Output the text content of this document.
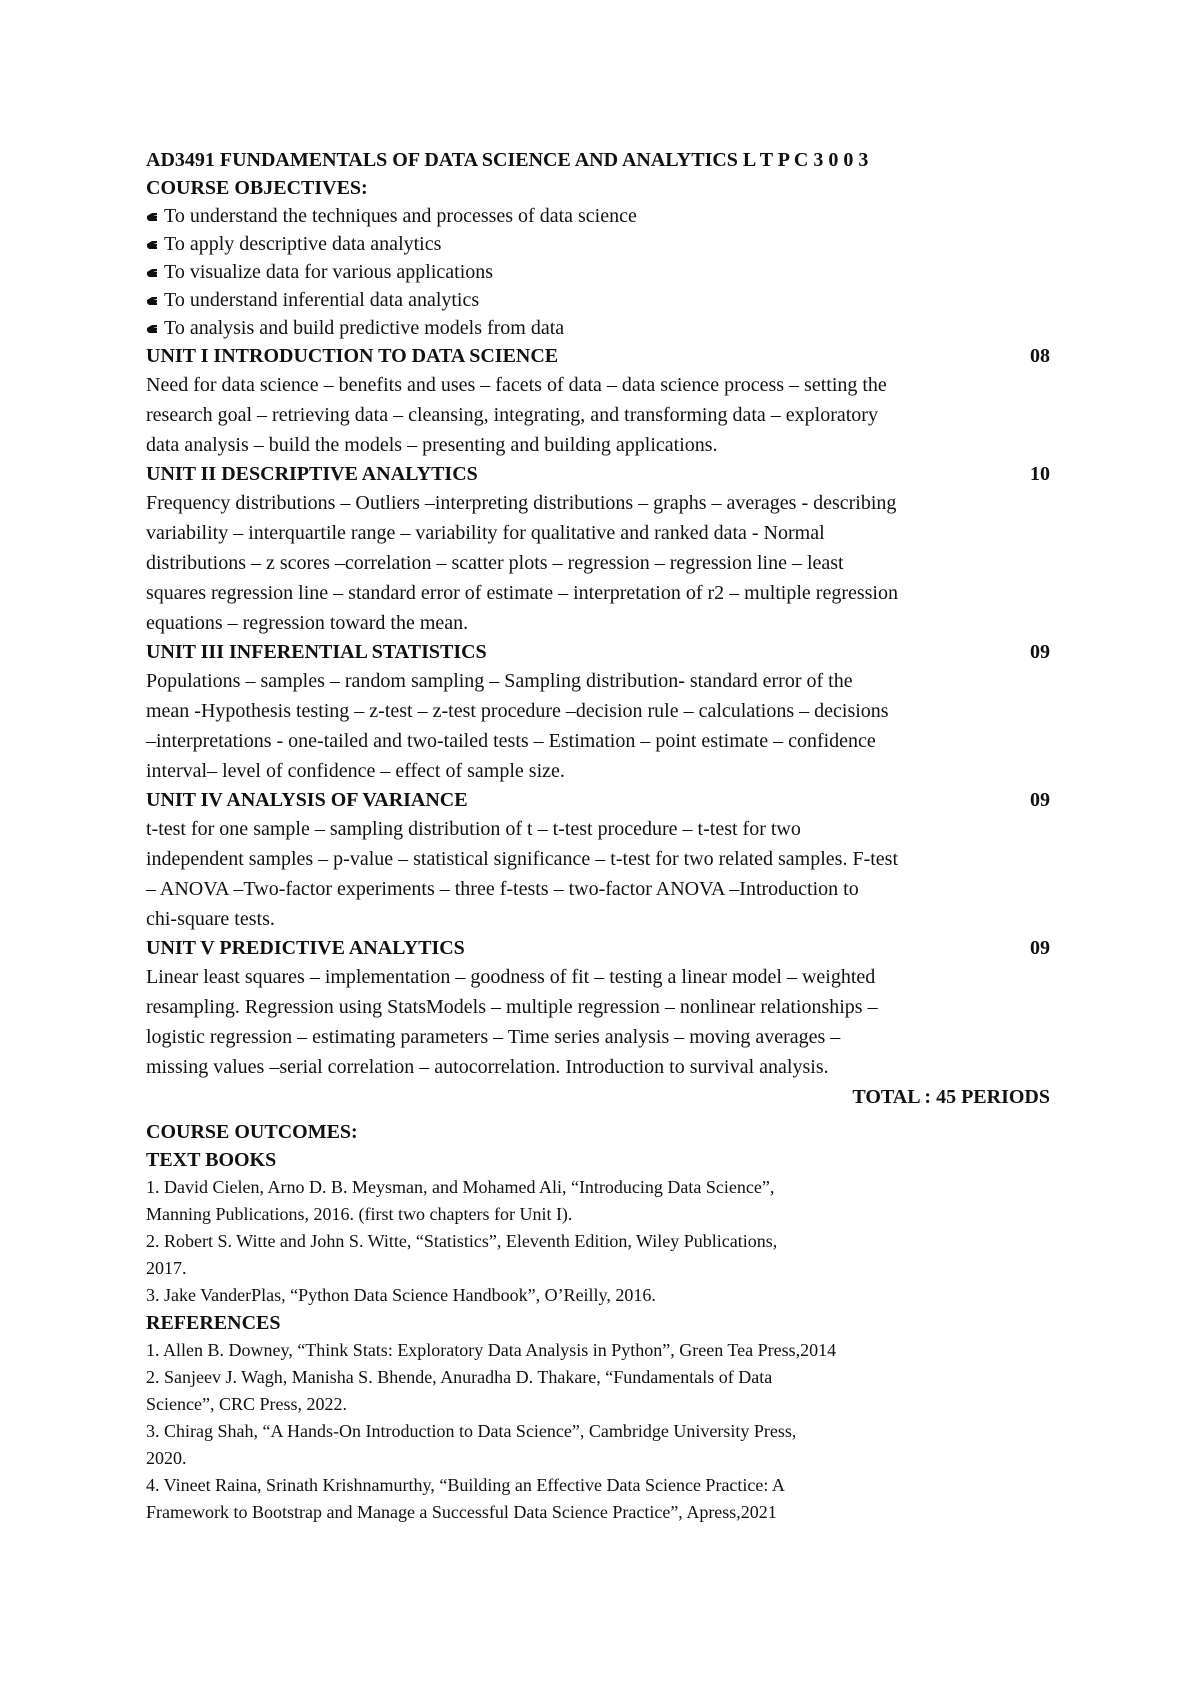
AD3491 FUNDAMENTALS OF DATA SCIENCE AND ANALYTICS L T P C 3 0 0 3
COURSE OBJECTIVES:
To understand the techniques and processes of data science
To apply descriptive data analytics
To visualize data for various applications
To understand inferential data analytics
To analysis and build predictive models from data
UNIT I INTRODUCTION TO DATA SCIENCE	08
Need for data science – benefits and uses – facets of data – data science process – setting the
research goal – retrieving data – cleansing, integrating, and transforming data – exploratory
data analysis – build the models – presenting and building applications.
UNIT II DESCRIPTIVE ANALYTICS	10
Frequency distributions – Outliers –interpreting distributions – graphs – averages - describing
variability – interquartile range – variability for qualitative and ranked data - Normal
distributions – z scores –correlation – scatter plots – regression – regression line – least
squares regression line – standard error of estimate – interpretation of r2 – multiple regression
equations – regression toward the mean.
UNIT III INFERENTIAL STATISTICS	09
Populations – samples – random sampling – Sampling distribution- standard error of the
mean -Hypothesis testing – z-test – z-test procedure –decision rule – calculations – decisions
–interpretations - one-tailed and two-tailed tests – Estimation – point estimate – confidence
interval– level of confidence – effect of sample size.
UNIT IV ANALYSIS OF VARIANCE	09
t-test for one sample – sampling distribution of t – t-test procedure – t-test for two
independent samples – p-value – statistical significance – t-test for two related samples. F-test
– ANOVA –Two-factor experiments – three f-tests – two-factor ANOVA –Introduction to
chi-square tests.
UNIT V PREDICTIVE ANALYTICS	09
Linear least squares – implementation – goodness of fit – testing a linear model – weighted
resampling. Regression using StatsModels – multiple regression – nonlinear relationships –
logistic regression – estimating parameters – Time series analysis – moving averages –
missing values –serial correlation – autocorrelation. Introduction to survival analysis.
TOTAL : 45 PERIODS
COURSE OUTCOMES:
TEXT BOOKS
1. David Cielen, Arno D. B. Meysman, and Mohamed Ali, “Introducing Data Science”,
Manning Publications, 2016. (first two chapters for Unit I).
2. Robert S. Witte and John S. Witte, “Statistics”, Eleventh Edition, Wiley Publications,
2017.
3. Jake VanderPlas, “Python Data Science Handbook”, O’Reilly, 2016.
REFERENCES
1. Allen B. Downey, “Think Stats: Exploratory Data Analysis in Python”, Green Tea Press,2014
2. Sanjeev J. Wagh, Manisha S. Bhende, Anuradha D. Thakare, “Fundamentals of Data
Science”, CRC Press, 2022.
3. Chirag Shah, “A Hands-On Introduction to Data Science”, Cambridge University Press,
2020.
4. Vineet Raina, Srinath Krishnamurthy, “Building an Effective Data Science Practice: A
Framework to Bootstrap and Manage a Successful Data Science Practice”, Apress,2021
